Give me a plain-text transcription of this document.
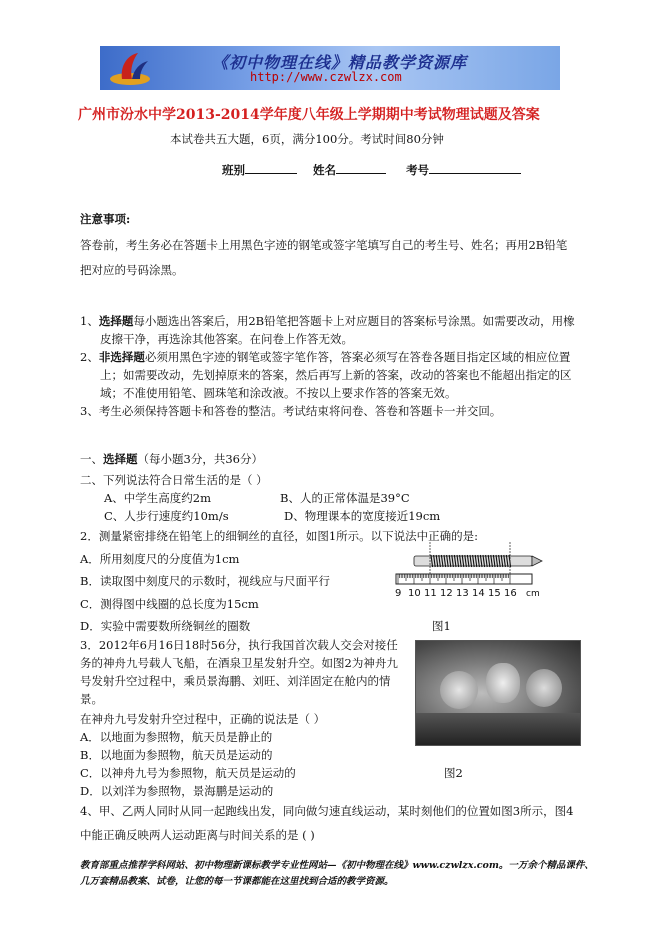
《初中物理在线》精品教学资源库
http://www.czwlzx.com
广州市汾水中学2013-2014学年度八年级上学期期中考试物理试题及答案
本试卷共五大题，6页，满分100分。考试时间80分钟
班别	姓名	考号
注意事项:
答卷前，考生务必在答题卡上用黑色字迹的钢笔或签字笔填写自己的考生号、姓名；再用2B铅笔
把对应的号码涂黑。
1、选择题每小题选出答案后，用2B铅笔把答题卡上对应题目的答案标号涂黑。如需要改动，用橡
皮擦干净，再选涂其他答案。在问卷上作答无效。
2、非选择题必须用黑色字迹的钢笔或签字笔作答，答案必须写在答卷各题目指定区域的相应位置
上；如需要改动，先划掉原来的答案，然后再写上新的答案，改动的答案也不能超出指定的区
域；不准使用铅笔、圆珠笔和涂改液。不按以上要求作答的答案无效。
3、考生必须保持答题卡和答卷的整洁。考试结束将问卷、答卷和答题卡一并交回。
一、选择题（每小题3分，共36分）
二、下列说法符合日常生活的是（ ）
A、中学生高度约2m	B、人的正常体温是39°C
C、人步行速度约10m/s	D、物理课本的宽度接近19cm
2．测量紧密排绕在铅笔上的细铜丝的直径，如图1所示。以下说法中正确的是:
A．所用刻度尺的分度值为1cm
B．读取图中刻度尺的示数时，视线应与尺面平行
C．测得图中线圈的总长度为15cm
D．实验中需要数所绕铜丝的圈数
9 10 11 12 13 14 15 16 cm
图1
3．2012年6月16日18时56分，执行我国首次载人交会对接任
务的神舟九号载人飞船，在酒泉卫星发射升空。如图2为神舟九
号发射升空过程中，乘员景海鹏、刘旺、刘洋固定在舱内的情
景。
在神舟九号发射升空过程中，正确的说法是（ ）
A．以地面为参照物，航天员是静止的
B．以地面为参照物，航天员是运动的
C．以神舟九号为参照物，航天员是运动的
D．以刘洋为参照物，景海鹏是运动的
图2
4、甲、乙两人同时从同一起跑线出发，同向做匀速直线运动，某时刻他们的位置如图3所示，图4
中能正确反映两人运动距离与时间关系的是 ( )
教育部重点推荐学科网站、初中物理新课标教学专业性网站—《初中物理在线》www.czwlzx.com。一万余个精品课件、
几万套精品教案、试卷，让您的每一节课都能在这里找到合适的教学资源。
